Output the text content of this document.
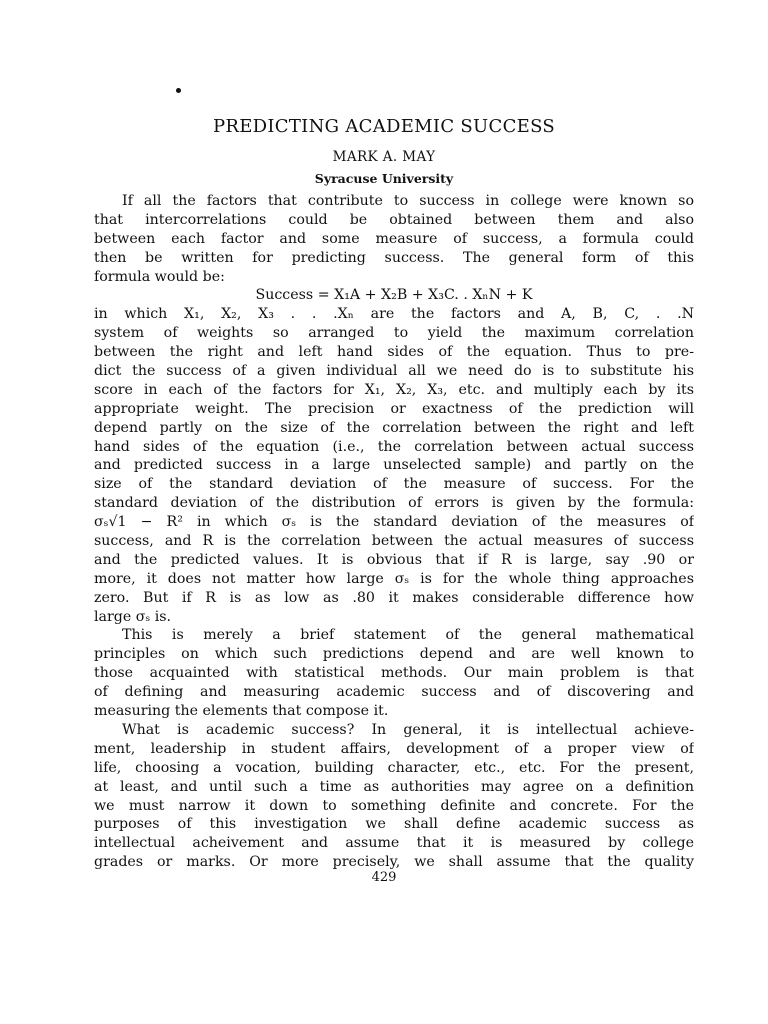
PREDICTING ACADEMIC SUCCESS
MARK A. MAY
Syracuse University
If all the factors that contribute to success in college were known so
that intercorrelations could be obtained between them and also
between each factor and some measure of success, a formula could
then be written for predicting success. The general form of this
formula would be:
Success = X₁A + X₂B + X₃C. . XₙN + K
in which X₁, X₂, X₃ . . .Xₙ are the factors and A, B, C, . .N
system of weights so arranged to yield the maximum correlation
between the right and left hand sides of the equation. Thus to pre-
dict the success of a given individual all we need do is to substitute his
score in each of the factors for X₁, X₂, X₃, etc. and multiply each by its
appropriate weight. The precision or exactness of the prediction will
depend partly on the size of the correlation between the right and left
hand sides of the equation (i.e., the correlation between actual success
and predicted success in a large unselected sample) and partly on the
size of the standard deviation of the measure of success. For the
standard deviation of the distribution of errors is given by the formula:
σₛ√1 − R² in which σₛ is the standard deviation of the measures of
success, and R is the correlation between the actual measures of success
and the predicted values. It is obvious that if R is large, say .90 or
more, it does not matter how large σₛ is for the whole thing approaches
zero. But if R is as low as .80 it makes considerable difference how
large σₛ is.
This is merely a brief statement of the general mathematical
principles on which such predictions depend and are well known to
those acquainted with statistical methods. Our main problem is that
of defining and measuring academic success and of discovering and
measuring the elements that compose it.
What is academic success? In general, it is intellectual achieve-
ment, leadership in student affairs, development of a proper view of
life, choosing a vocation, building character, etc., etc. For the present,
at least, and until such a time as authorities may agree on a definition
we must narrow it down to something definite and concrete. For the
purposes of this investigation we shall define academic success as
intellectual acheivement and assume that it is measured by college
grades or marks. Or more precisely, we shall assume that the quality
429
